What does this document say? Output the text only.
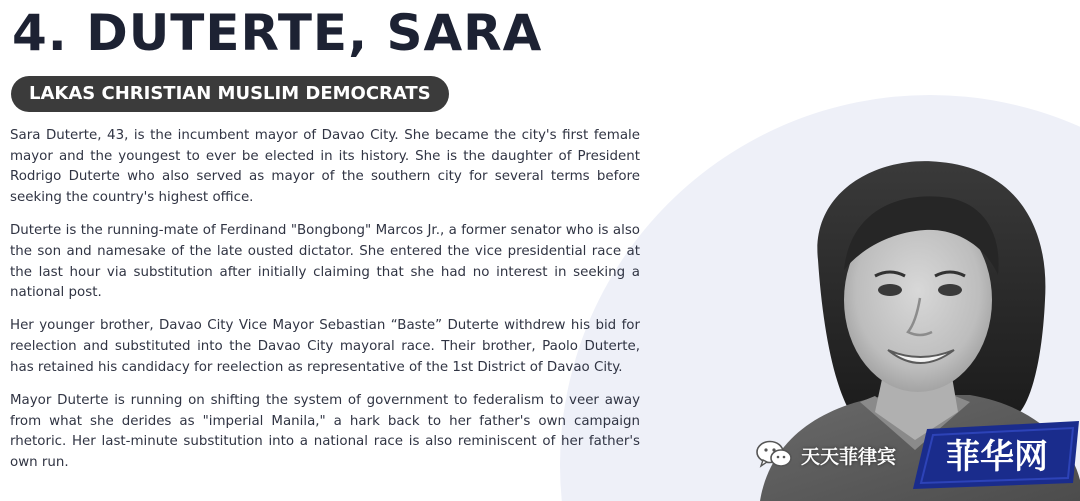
4. DUTERTE, SARA
LAKAS CHRISTIAN MUSLIM DEMOCRATS

Sara Duterte, 43, is the incumbent mayor of Davao City. She became the city's first female mayor and the youngest to ever be elected in its history. She is the daughter of President Rodrigo Duterte who also served as mayor of the southern city for several terms before seeking the country's highest office.

Duterte is the running-mate of Ferdinand "Bongbong" Marcos Jr., a former senator who is also the son and namesake of the late ousted dictator. She entered the vice presidential race at the last hour via substitution after initially claiming that she had no interest in seeking a national post.

Her younger brother, Davao City Vice Mayor Sebastian “Baste” Duterte withdrew his bid for reelection and substituted into the Davao City mayoral race. Their brother, Paolo Duterte, has retained his candidacy for reelection as representative of the 1st District of Davao City.

Mayor Duterte is running on shifting the system of government to federalism to veer away from what she derides as "imperial Manila," a hark back to her father's own campaign rhetoric. Her last-minute substitution into a national race is also reminiscent of her father's own run.	天天菲律宾 菲华网
